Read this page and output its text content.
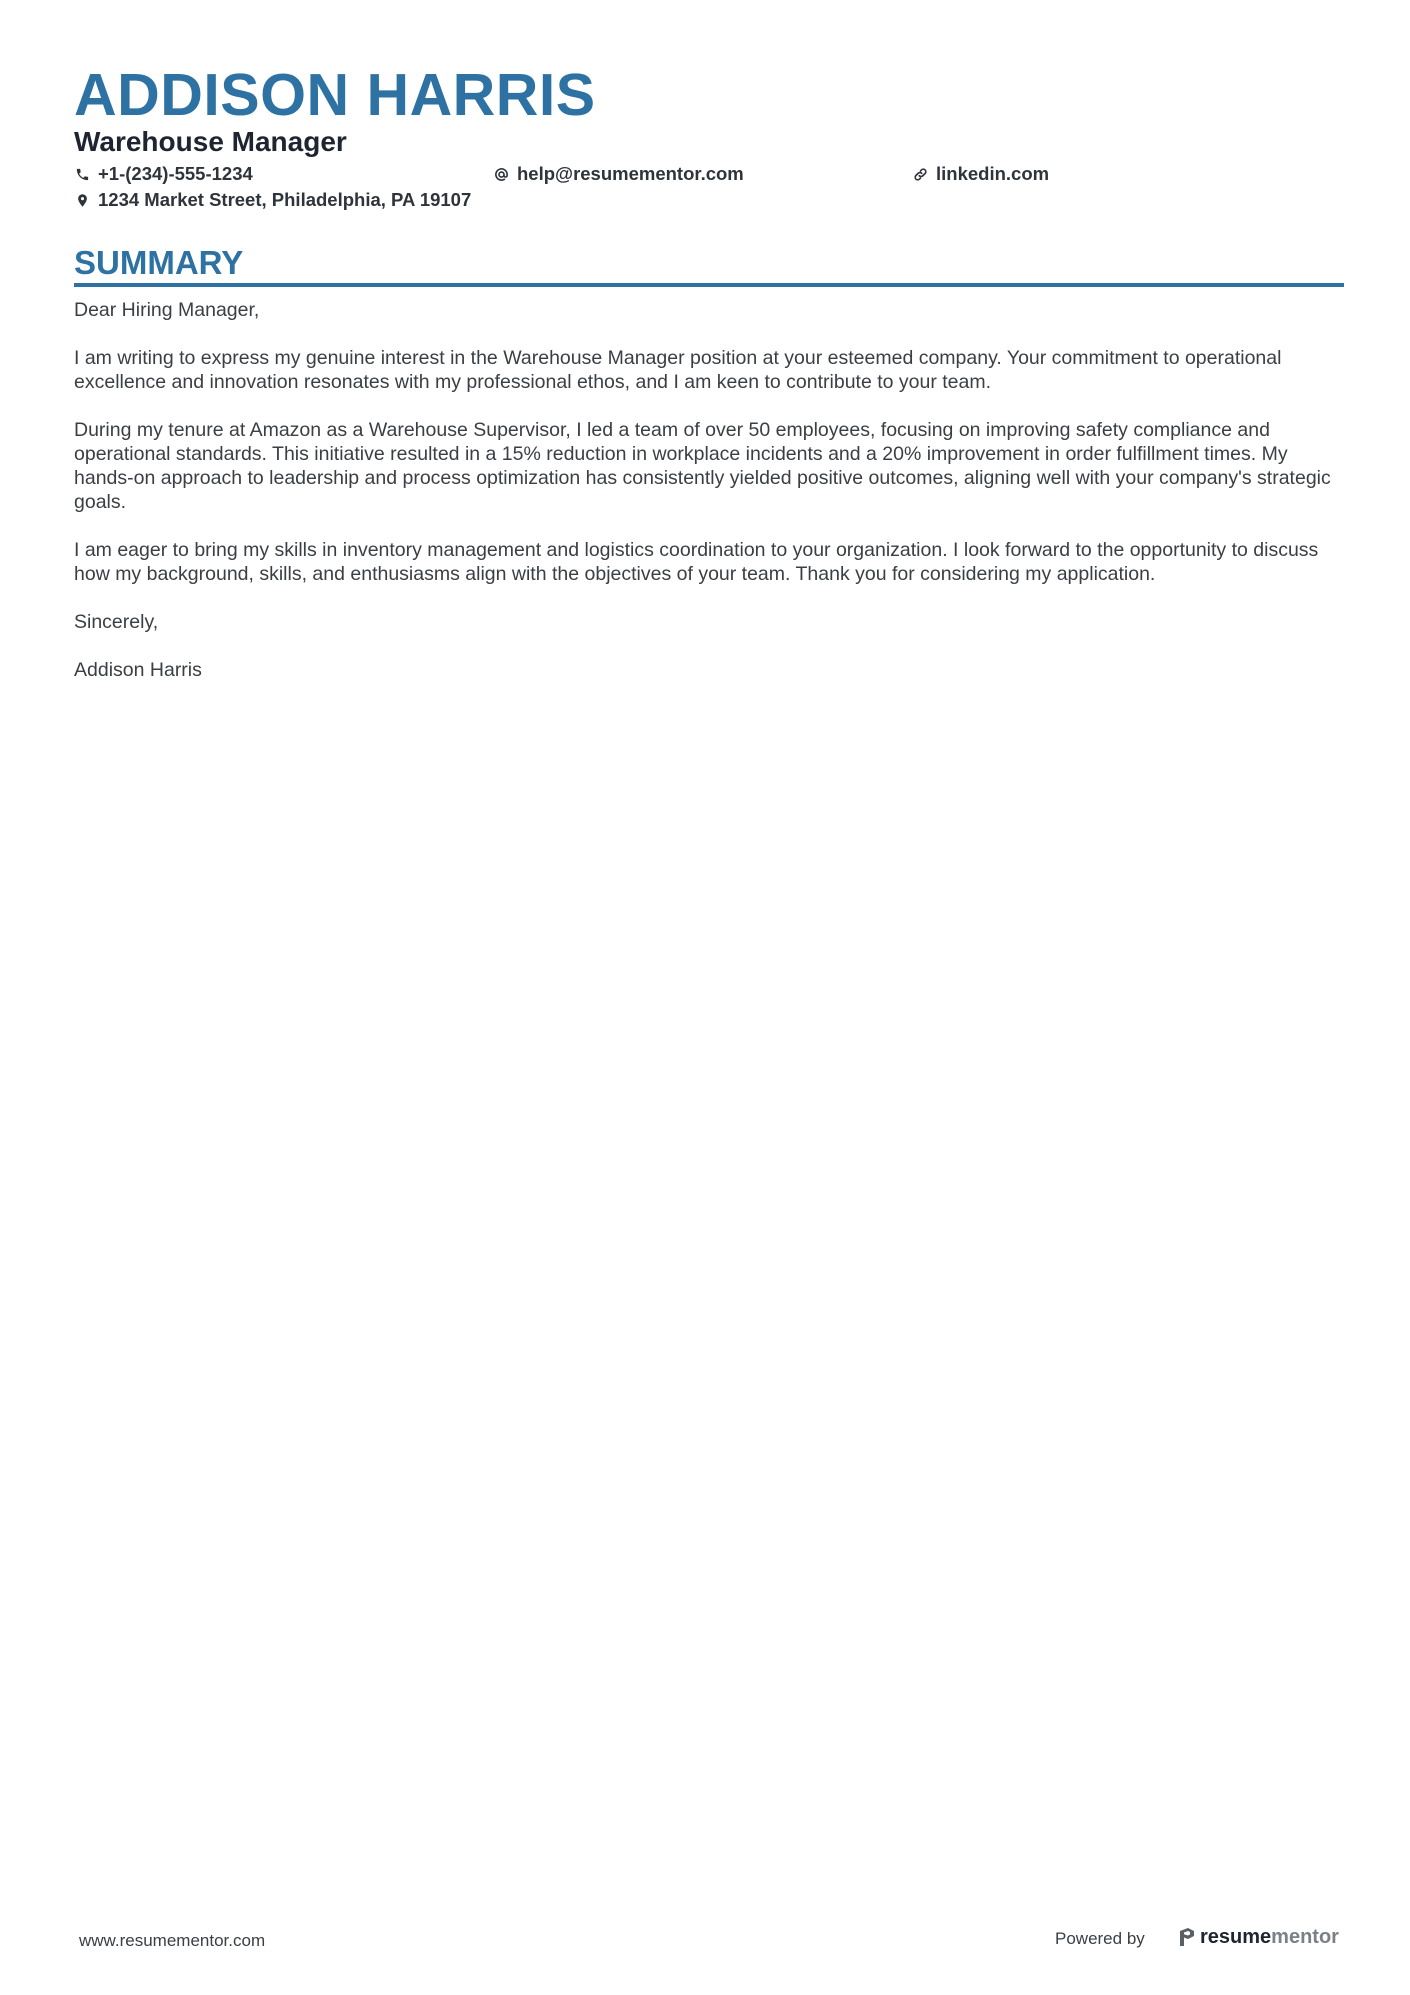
ADDISON HARRIS
Warehouse Manager
+1-(234)-555-1234	help@resumementor.com	linkedin.com
1234 Market Street, Philadelphia, PA 19107
SUMMARY

Dear Hiring Manager,

I am writing to express my genuine interest in the Warehouse Manager position at your esteemed company. Your commitment to operational excellence and innovation resonates with my professional ethos, and I am keen to contribute to your team.

During my tenure at Amazon as a Warehouse Supervisor, I led a team of over 50 employees, focusing on improving safety compliance and operational standards. This initiative resulted in a 15% reduction in workplace incidents and a 20% improvement in order fulfillment times. My hands-on approach to leadership and process optimization has consistently yielded positive outcomes, aligning well with your company's strategic goals.

I am eager to bring my skills in inventory management and logistics coordination to your organization. I look forward to the opportunity to discuss how my background, skills, and enthusiasms align with the objectives of your team. Thank you for considering my application.

Sincerely,

Addison Harris

www.resumementor.com	Powered by	resume mentor
